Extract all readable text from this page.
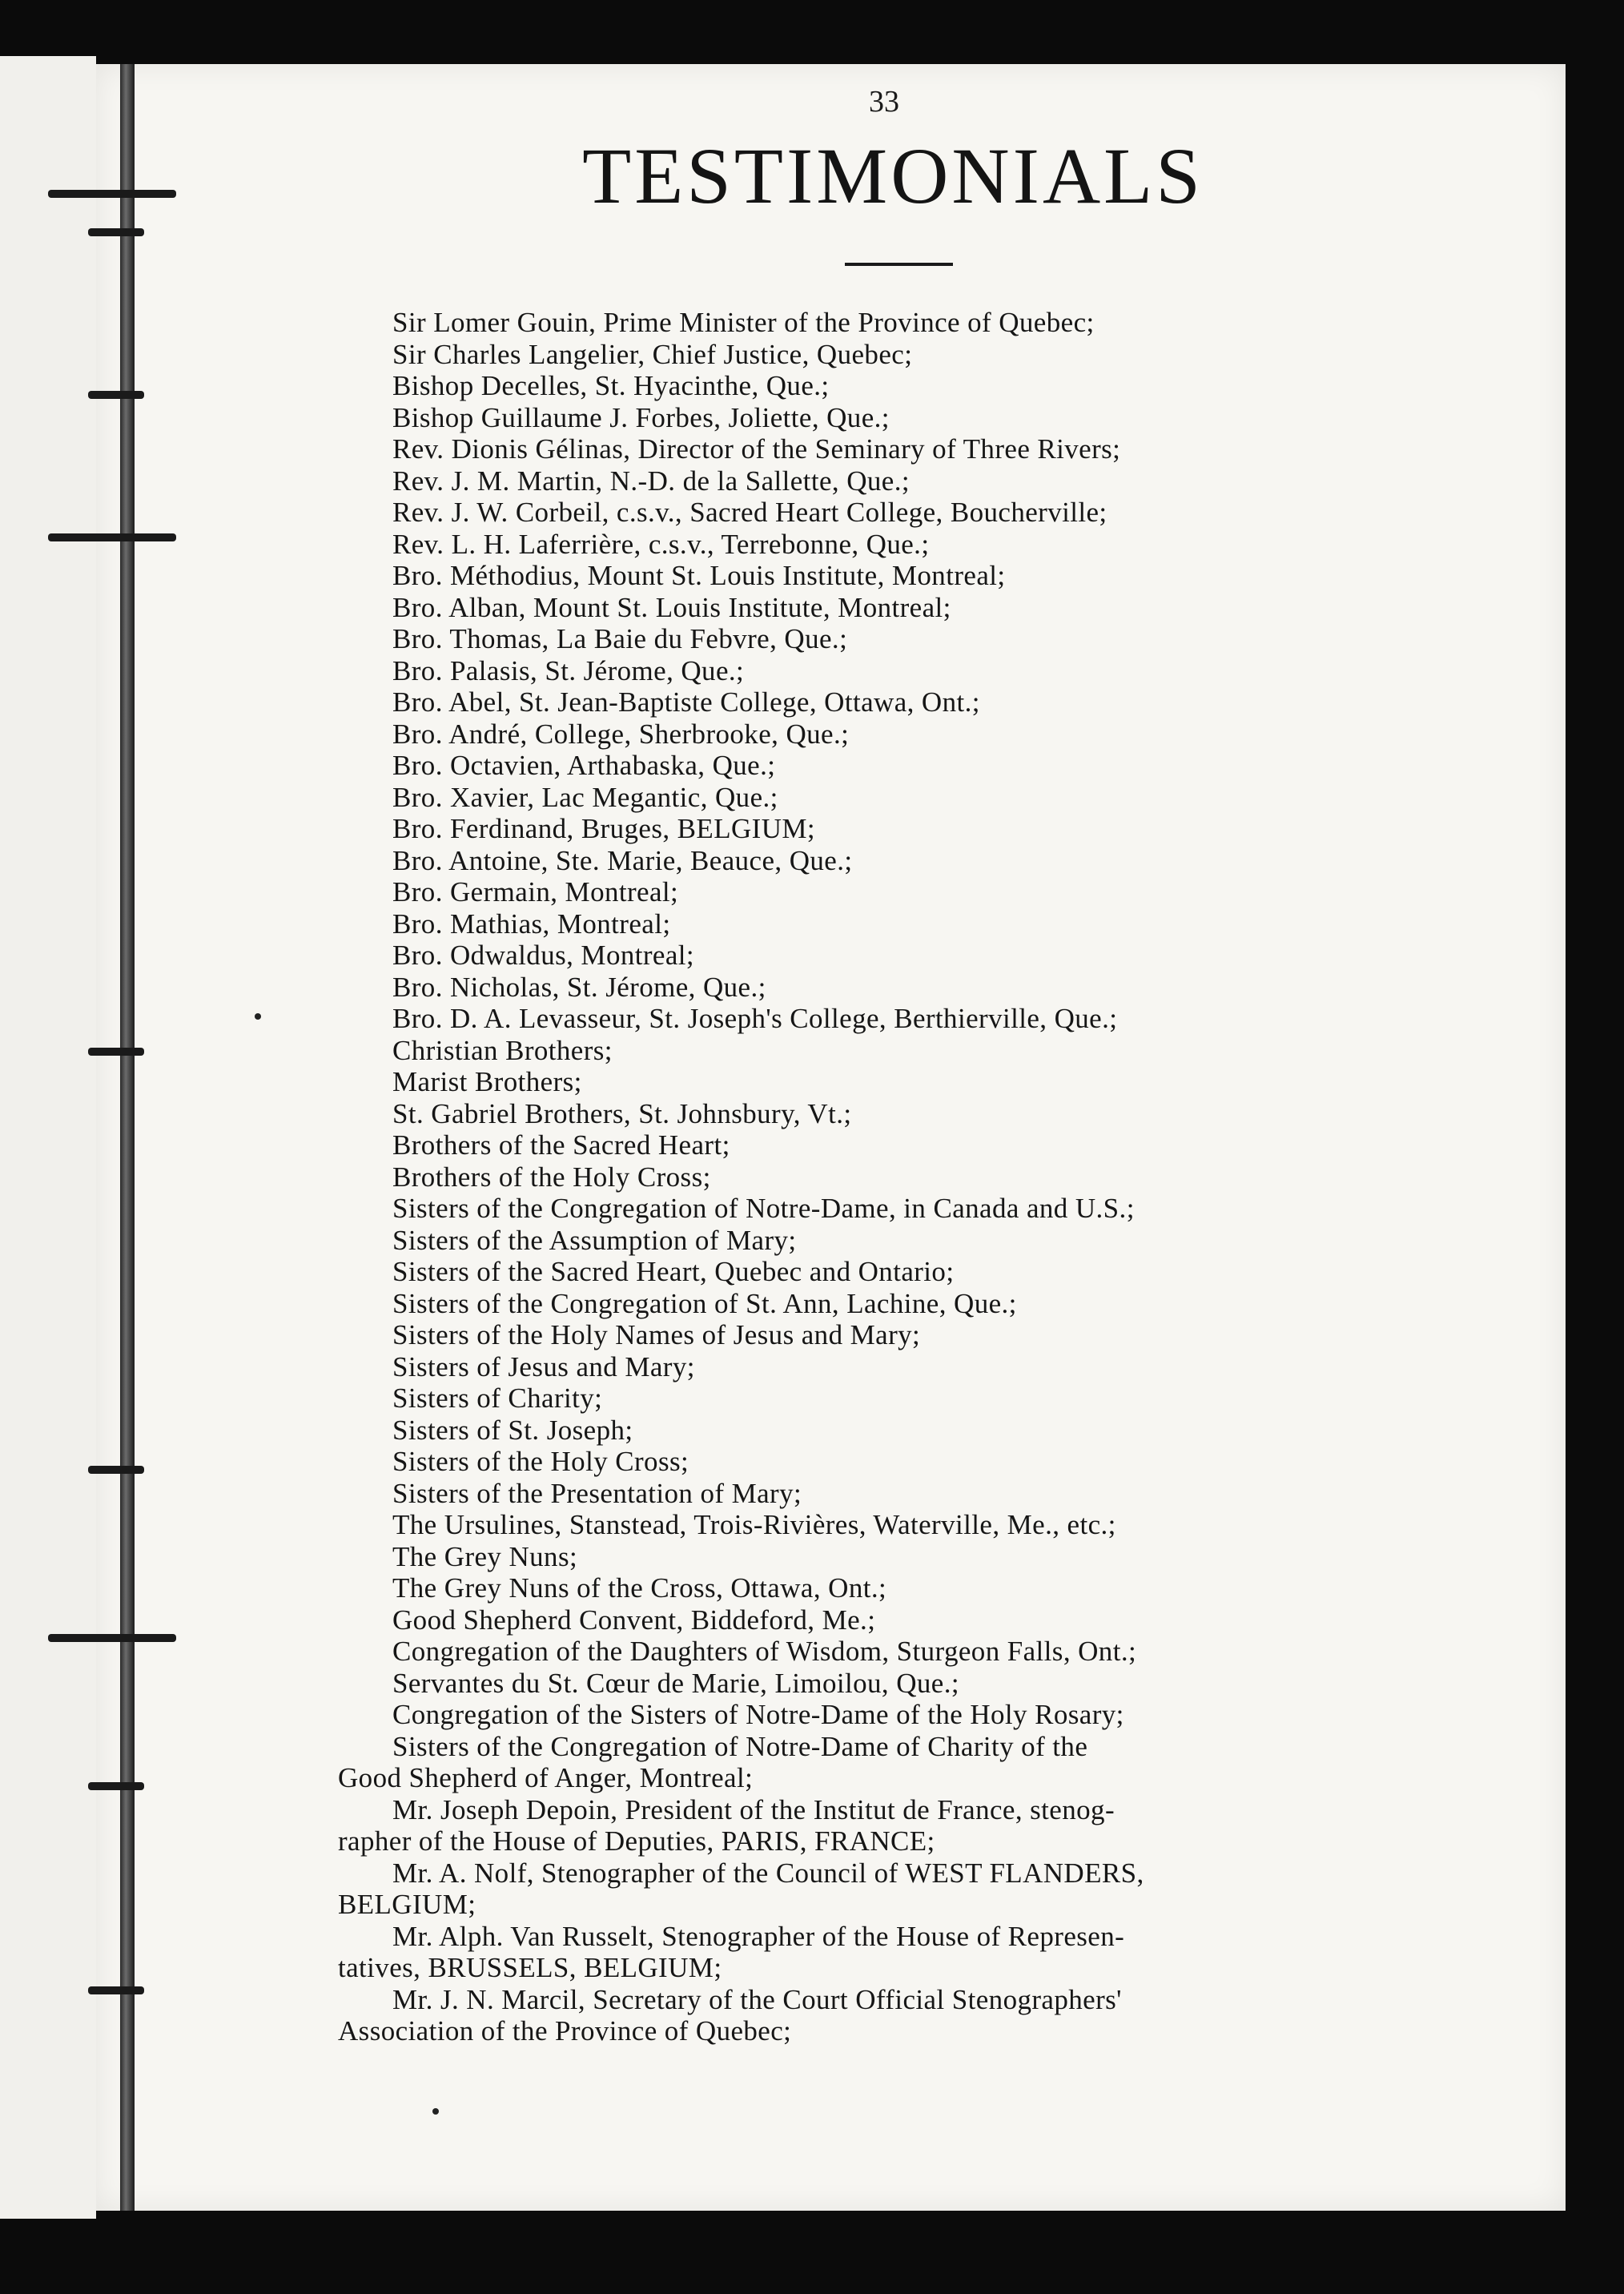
33
TESTIMONIALS
Sir Lomer Gouin, Prime Minister of the Province of Quebec;
Sir Charles Langelier, Chief Justice, Quebec;
Bishop Decelles, St. Hyacinthe, Que.;
Bishop Guillaume J. Forbes, Joliette, Que.;
Rev. Dionis Gélinas, Director of the Seminary of Three Rivers;
Rev. J. M. Martin, N.-D. de la Sallette, Que.;
Rev. J. W. Corbeil, c.s.v., Sacred Heart College, Boucherville;
Rev. L. H. Laferrière, c.s.v., Terrebonne, Que.;
Bro. Méthodius, Mount St. Louis Institute, Montreal;
Bro. Alban, Mount St. Louis Institute, Montreal;
Bro. Thomas, La Baie du Febvre, Que.;
Bro. Palasis, St. Jérome, Que.;
Bro. Abel, St. Jean-Baptiste College, Ottawa, Ont.;
Bro. André, College, Sherbrooke, Que.;
Bro. Octavien, Arthabaska, Que.;
Bro. Xavier, Lac Megantic, Que.;
Bro. Ferdinand, Bruges, BELGIUM;
Bro. Antoine, Ste. Marie, Beauce, Que.;
Bro. Germain, Montreal;
Bro. Mathias, Montreal;
Bro. Odwaldus, Montreal;
Bro. Nicholas, St. Jérome, Que.;
Bro. D. A. Levasseur, St. Joseph's College, Berthierville, Que.;
Christian Brothers;
Marist Brothers;
St. Gabriel Brothers, St. Johnsbury, Vt.;
Brothers of the Sacred Heart;
Brothers of the Holy Cross;
Sisters of the Congregation of Notre-Dame, in Canada and U.S.;
Sisters of the Assumption of Mary;
Sisters of the Sacred Heart, Quebec and Ontario;
Sisters of the Congregation of St. Ann, Lachine, Que.;
Sisters of the Holy Names of Jesus and Mary;
Sisters of Jesus and Mary;
Sisters of Charity;
Sisters of St. Joseph;
Sisters of the Holy Cross;
Sisters of the Presentation of Mary;
The Ursulines, Stanstead, Trois-Rivières, Waterville, Me., etc.;
The Grey Nuns;
The Grey Nuns of the Cross, Ottawa, Ont.;
Good Shepherd Convent, Biddeford, Me.;
Congregation of the Daughters of Wisdom, Sturgeon Falls, Ont.;
Servantes du St. Cœur de Marie, Limoilou, Que.;
Congregation of the Sisters of Notre-Dame of the Holy Rosary;
Sisters of the Congregation of Notre-Dame of Charity of the
Good Shepherd of Anger, Montreal;
Mr. Joseph Depoin, President of the Institut de France, stenog-
rapher of the House of Deputies, PARIS, FRANCE;
Mr. A. Nolf, Stenographer of the Council of WEST FLANDERS,
BELGIUM;
Mr. Alph. Van Russelt, Stenographer of the House of Represen-
tatives, BRUSSELS, BELGIUM;
Mr. J. N. Marcil, Secretary of the Court Official Stenographers'
Association of the Province of Quebec;
